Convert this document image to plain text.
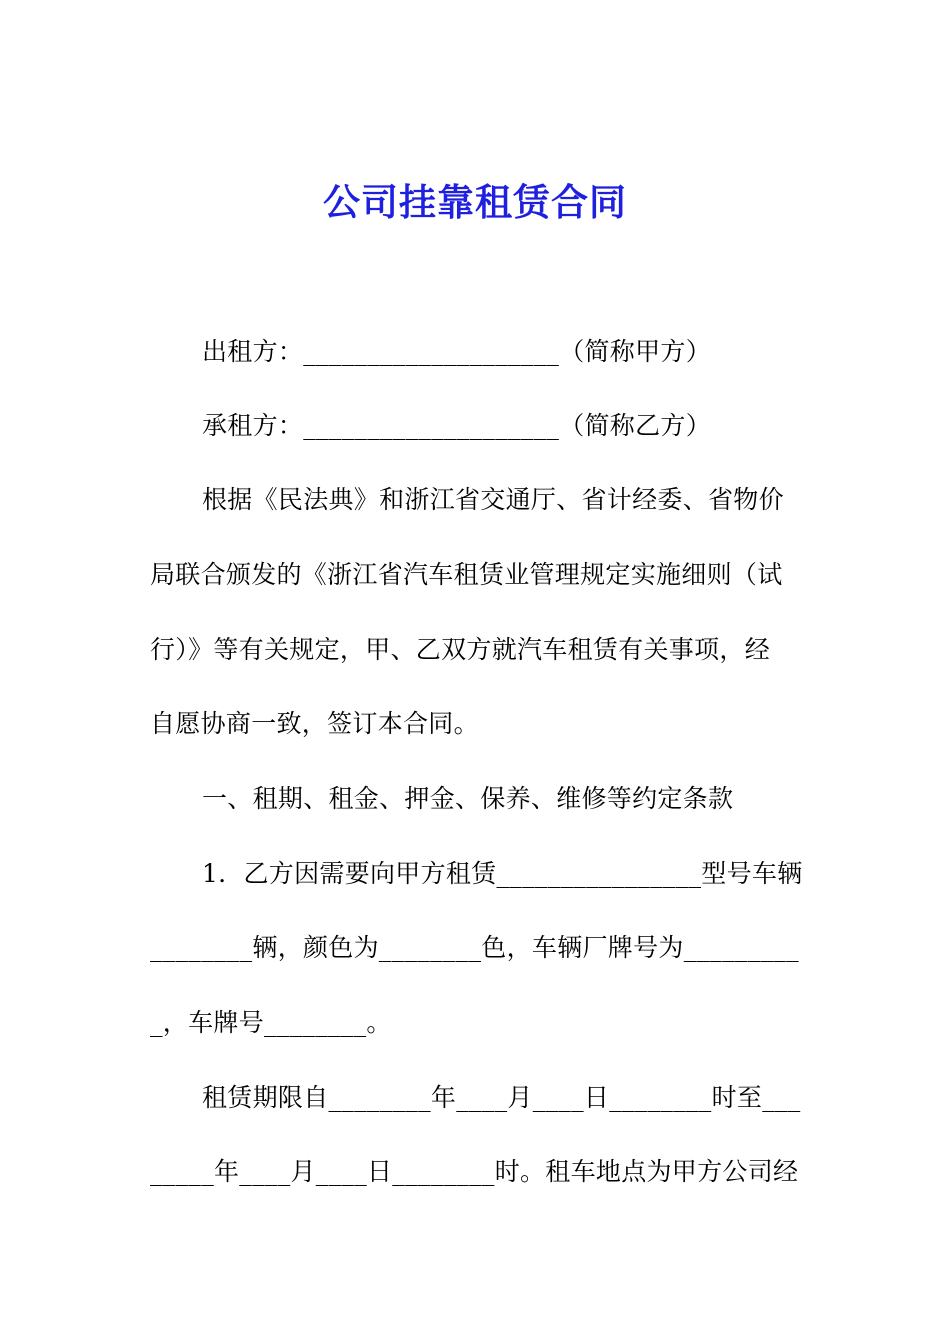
公司挂靠租赁合同
出租方：____________________（简称甲方）
承租方：____________________（简称乙方）
根据《民法典》和浙江省交通厅、省计经委、省物价
局联合颁发的《浙江省汽车租赁业管理规定实施细则（试
行）》等有关规定，甲、乙双方就汽车租赁有关事项，经
自愿协商一致，签订本合同。
一、租期、租金、押金、保养、维修等约定条款
1．乙方因需要向甲方租赁________________型号车辆
________辆，颜色为________色，车辆厂牌号为_________
_，车牌号________。
租赁期限自________年____月____日________时至___
_____年____月____日________时。租车地点为甲方公司经
